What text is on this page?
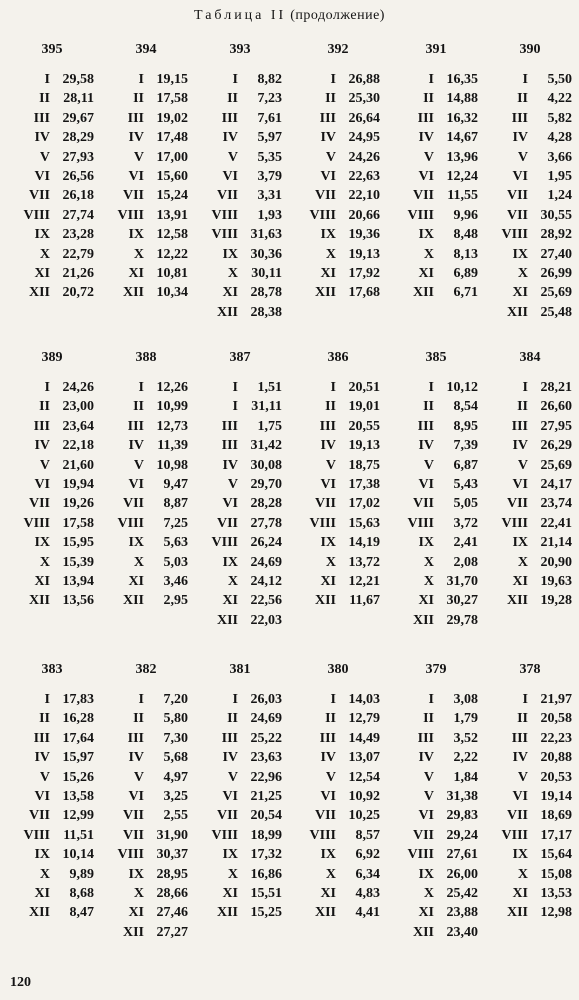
Таблица II (продолжение)
395
I 29,58
II 28,11
III 29,67
IV 28,29
V 27,93
VI 26,56
VII 26,18
VIII 27,74
IX 23,28
X 22,79
XI 21,26
XII 20,72
394
I 19,15
II 17,58
III 19,02
IV 17,48
V 17,00
VI 15,60
VII 15,24
VIII 13,91
IX 12,58
X 12,22
XI 10,81
XII 10,34
393
I	8,82
II	7,23
III	7,61
IV	5,97
V	5,35
VI	3,79
VII	3,31
VIII	1,93
VIII 31,63
IX 30,36
X 30,11
XI 28,78
XII 28,38
392
I 26,88
II 25,30
III 26,64
IV 24,95
V 24,26
VI 22,63
VII 22,10
VIII 20,66
IX 19,36
X 19,13
XI 17,92
XII 17,68
391
I 16,35
II 14,88
III 16,32
IV 14,67
V 13,96
VI 12,24
VII 11,55
VIII	9,96
IX	8,48
X	8,13
XI	6,89
XII	6,71
390
I	5,50
II	4,22
III	5,82
IV	4,28
V	3,66
VI	1,95
VII	1,24
VII 30,55
VIII 28,92
IX 27,40
X 26,99
XI 25,69
XII 25,48
389
I 24,26
II 23,00
III 23,64
IV 22,18
V 21,60
VI 19,94
VII 19,26
VIII 17,58
IX 15,95
X 15,39
XI 13,94
XII 13,56
388
I 12,26
II 10,99
III 12,73
IV 11,39
V 10,98
VI	9,47
VII	8,87
VIII	7,25
IX	5,63
X	5,03
XI	3,46
XII	2,95
387
I	1,51
I 31,11
III	1,75
III 31,42
IV 30,08
V 29,70
VI 28,28
VII 27,78
VIII 26,24
IX 24,69
X 24,12
XI 22,56
XII 22,03
386
I 20,51
II 19,01
III 20,55
IV 19,13
V 18,75
VI 17,38
VII 17,02
VIII 15,63
IX 14,19
X 13,72
XI 12,21
XII 11,67
385
I 10,12
II	8,54
III	8,95
IV	7,39
V	6,87
VI	5,43
VII	5,05
VIII	3,72
IX	2,41
X	2,08
X 31,70
XI 30,27
XII 29,78
384
I 28,21
II 26,60
III 27,95
IV 26,29
V 25,69
VI 24,17
VII 23,74
VIII 22,41
IX 21,14
X 20,90
XI 19,63
XII 19,28
383
I 17,83
II 16,28
III 17,64
IV 15,97
V 15,26
VI 13,58
VII 12,99
VIII 11,51
IX 10,14
X	9,89
XI	8,68
XII	8,47
382
I	7,20
II	5,80
III	7,30
IV	5,68
V	4,97
VI	3,25
VII	2,55
VII 31,90
VIII 30,37
IX 28,95
X 28,66
XI 27,46
XII 27,27
381
I 26,03
II 24,69
III 25,22
IV 23,63
V 22,96
VI 21,25
VII 20,54
VIII 18,99
IX 17,32
X 16,86
XI 15,51
XII 15,25
380
I 14,03
II 12,79
III 14,49
IV 13,07
V 12,54
VI 10,92
VII 10,25
VIII	8,57
IX	6,92
X	6,34
XI	4,83
XII	4,41
379
I	3,08
II	1,79
III	3,52
IV	2,22
V	1,84
V 31,38
VI 29,83
VII 29,24
VIII 27,61
IX 26,00
X 25,42
XI 23,88
XII 23,40
378
I 21,97
II 20,58
III 22,23
IV 20,88
V 20,53
VI 19,14
VII 18,69
VIII 17,17
IX 15,64
X 15,08
XI 13,53
XII 12,98
120
